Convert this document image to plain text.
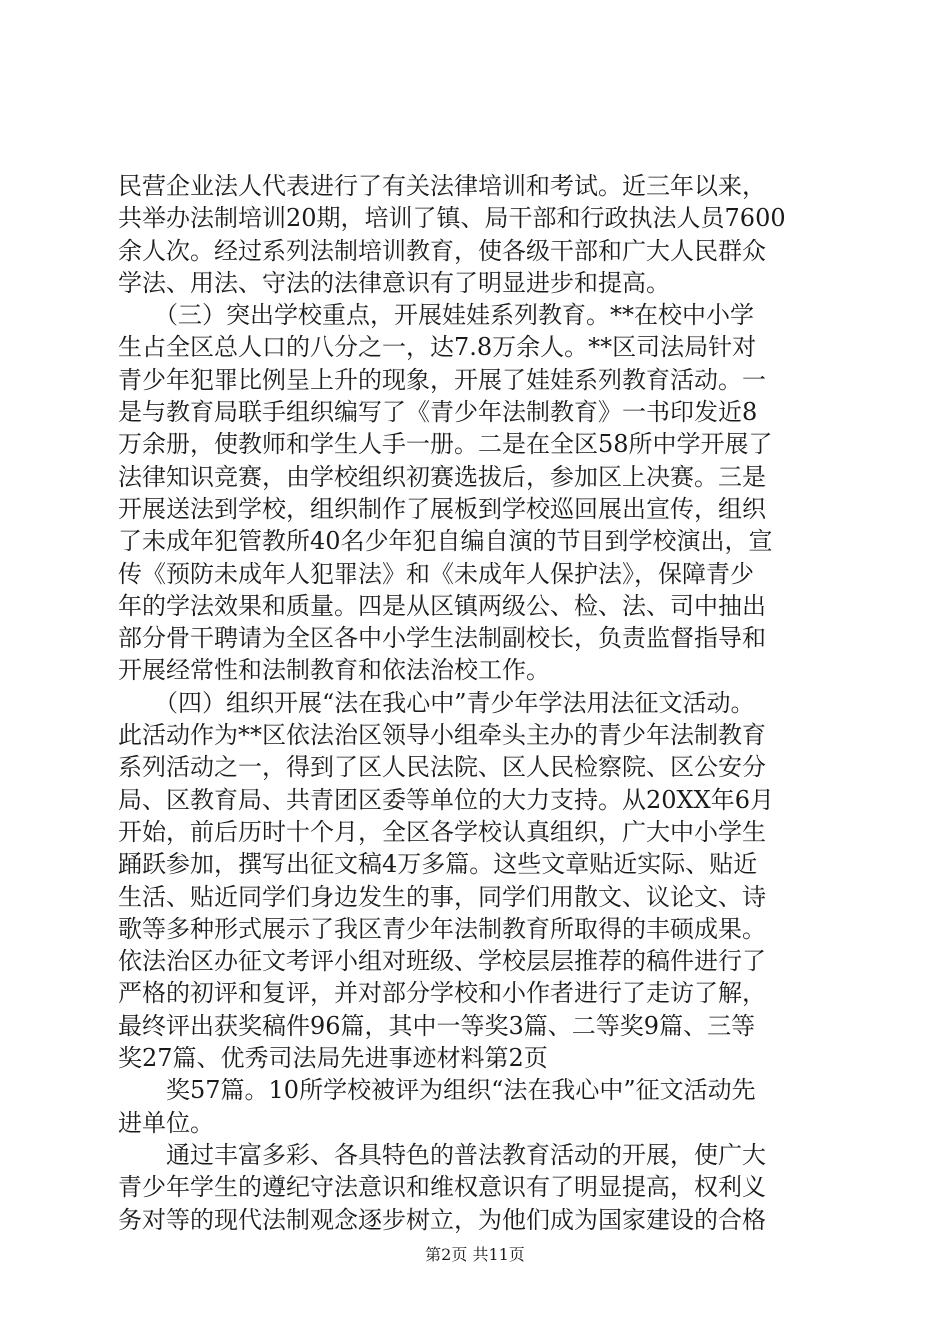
民营企业法人代表进行了有关法律培训和考试。近三年以来，
共举办法制培训20期，培训了镇、局干部和行政执法人员7600
余人次。经过系列法制培训教育，使各级干部和广大人民群众
学法、用法、守法的法律意识有了明显进步和提高。
　　（三）突出学校重点，开展娃娃系列教育。**在校中小学
生占全区总人口的八分之一，达7.8万余人。**区司法局针对
青少年犯罪比例呈上升的现象，开展了娃娃系列教育活动。一
是与教育局联手组织编写了《青少年法制教育》一书印发近8
万余册，使教师和学生人手一册。二是在全区58所中学开展了
法律知识竞赛，由学校组织初赛选拔后，参加区上决赛。三是
开展送法到学校，组织制作了展板到学校巡回展出宣传，组织
了未成年犯管教所40名少年犯自编自演的节目到学校演出，宣
传《预防未成年人犯罪法》和《未成年人保护法》，保障青少
年的学法效果和质量。四是从区镇两级公、检、法、司中抽出
部分骨干聘请为全区各中小学生法制副校长，负责监督指导和
开展经常性和法制教育和依法治校工作。
　　（四）组织开展“法在我心中”青少年学法用法征文活动。
此活动作为**区依法治区领导小组牵头主办的青少年法制教育
系列活动之一，得到了区人民法院、区人民检察院、区公安分
局、区教育局、共青团区委等单位的大力支持。从20XX年6月
开始，前后历时十个月，全区各学校认真组织，广大中小学生
踊跃参加，撰写出征文稿4万多篇。这些文章贴近实际、贴近
生活、贴近同学们身边发生的事，同学们用散文、议论文、诗
歌等多种形式展示了我区青少年法制教育所取得的丰硕成果。
依法治区办征文考评小组对班级、学校层层推荐的稿件进行了
严格的初评和复评，并对部分学校和小作者进行了走访了解，
最终评出获奖稿件96篇，其中一等奖3篇、二等奖9篇、三等
奖27篇、优秀司法局先进事迹材料第2页
　　奖57篇。10所学校被评为组织“法在我心中”征文活动先
进单位。
　　通过丰富多彩、各具特色的普法教育活动的开展，使广大
青少年学生的遵纪守法意识和维权意识有了明显提高，权利义
务对等的现代法制观念逐步树立，为他们成为国家建设的合格
第2页 共11页
